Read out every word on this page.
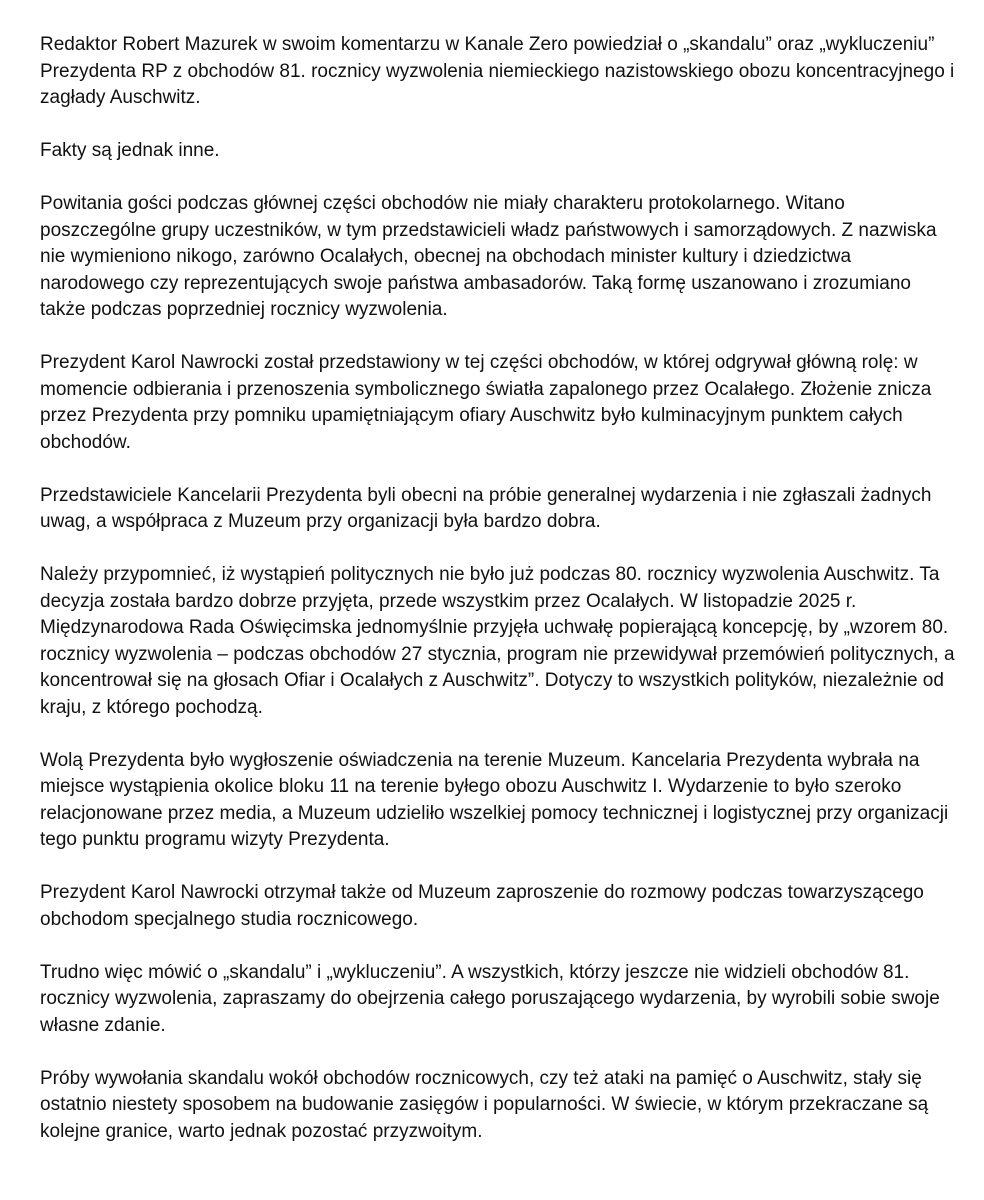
Redaktor Robert Mazurek w swoim komentarzu w Kanale Zero powiedział o „skandalu” oraz „wykluczeniu” Prezydenta RP z obchodów 81. rocznicy wyzwolenia niemieckiego nazistowskiego obozu koncentracyjnego i zagłady Auschwitz.

Fakty są jednak inne.

Powitania gości podczas głównej części obchodów nie miały charakteru protokolarnego. Witano poszczególne grupy uczestników, w tym przedstawicieli władz państwowych i samorządowych. Z nazwiska nie wymieniono nikogo, zarówno Ocalałych, obecnej na obchodach minister kultury i dziedzictwa narodowego czy reprezentujących swoje państwa ambasadorów. Taką formę uszanowano i zrozumiano także podczas poprzedniej rocznicy wyzwolenia.

Prezydent Karol Nawrocki został przedstawiony w tej części obchodów, w której odgrywał główną rolę: w momencie odbierania i przenoszenia symbolicznego światła zapalonego przez Ocalałego. Złożenie znicza przez Prezydenta przy pomniku upamiętniającym ofiary Auschwitz było kulminacyjnym punktem całych obchodów.

Przedstawiciele Kancelarii Prezydenta byli obecni na próbie generalnej wydarzenia i nie zgłaszali żadnych uwag, a współpraca z Muzeum przy organizacji była bardzo dobra.

Należy przypomnieć, iż wystąpień politycznych nie było już podczas 80. rocznicy wyzwolenia Auschwitz. Ta decyzja została bardzo dobrze przyjęta, przede wszystkim przez Ocalałych. W listopadzie 2025 r. Międzynarodowa Rada Oświęcimska jednomyślnie przyjęła uchwałę popierającą koncepcję, by „wzorem 80. rocznicy wyzwolenia – podczas obchodów 27 stycznia, program nie przewidywał przemówień politycznych, a koncentrował się na głosach Ofiar i Ocalałych z Auschwitz”. Dotyczy to wszystkich polityków, niezależnie od kraju, z którego pochodzą.

Wolą Prezydenta było wygłoszenie oświadczenia na terenie Muzeum. Kancelaria Prezydenta wybrała na miejsce wystąpienia okolice bloku 11 na terenie byłego obozu Auschwitz I. Wydarzenie to było szeroko relacjonowane przez media, a Muzeum udzieliło wszelkiej pomocy technicznej i logistycznej przy organizacji tego punktu programu wizyty Prezydenta.

Prezydent Karol Nawrocki otrzymał także od Muzeum zaproszenie do rozmowy podczas towarzyszącego obchodom specjalnego studia rocznicowego.

Trudno więc mówić o „skandalu” i „wykluczeniu”. A wszystkich, którzy jeszcze nie widzieli obchodów 81. rocznicy wyzwolenia, zapraszamy do obejrzenia całego poruszającego wydarzenia, by wyrobili sobie swoje własne zdanie.

Próby wywołania skandalu wokół obchodów rocznicowych, czy też ataki na pamięć o Auschwitz, stały się ostatnio niestety sposobem na budowanie zasięgów i popularności. W świecie, w którym przekraczane są kolejne granice, warto jednak pozostać przyzwoitym.
